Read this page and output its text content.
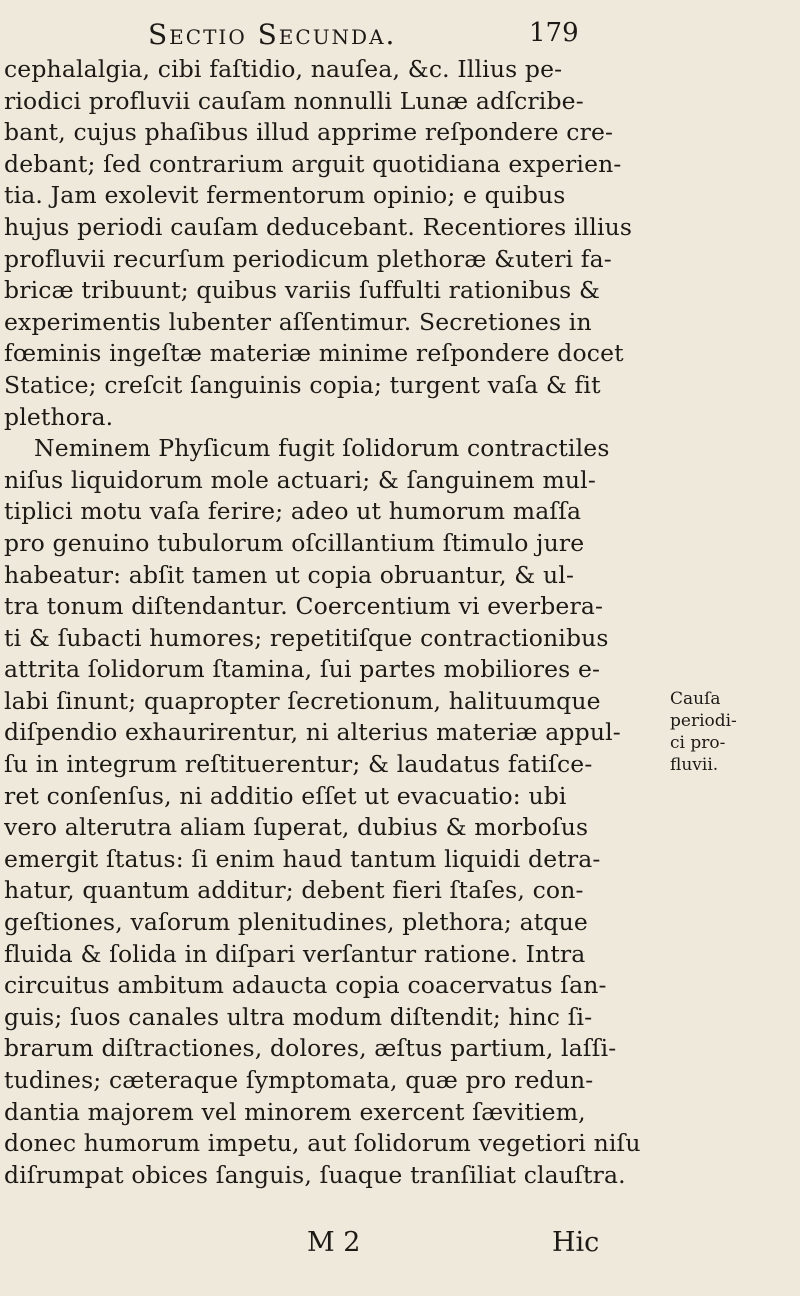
Sectio Secunda.	179
cephalalgia, cibi faſtidio, nauſea, &c. Illius pe-
riodici profluvii cauſam nonnulli Lunæ adſcribe-
bant, cujus phaſibus illud apprime reſpondere cre-
debant; ſed contrarium arguit quotidiana experien-
tia. Jam exolevit fermentorum opinio; e quibus
hujus periodi cauſam deducebant. Recentiores illius
profluvii recurſum periodicum plethoræ &uteri fa-
bricæ tribuunt; quibus variis ſuffulti rationibus &
experimentis lubenter aſſentimur. Secretiones in
fœminis ingeſtæ materiæ minime reſpondere docet
Statice; creſcit ſanguinis copia; turgent vaſa & fit
plethora.
Neminem Phyſicum fugit ſolidorum contractiles
niſus liquidorum mole actuari; & ſanguinem mul-
tiplici motu vaſa ferire; adeo ut humorum maſſa
pro genuino tubulorum oſcillantium ſtimulo jure
habeatur: abſit tamen ut copia obruantur, & ul-
tra tonum diſtendantur. Coercentium vi everbera-
ti & ſubacti humores; repetitiſque contractionibus
attrita ſolidorum ſtamina, ſui partes mobiliores e-
labi ſinunt; quapropter ſecretionum, halituumque
diſpendio exhaurirentur, ni alterius materiæ appul-
ſu in integrum reſtituerentur; & laudatus fatiſce-
ret conſenſus, ni additio eſſet ut evacuatio: ubi
vero alterutra aliam ſuperat, dubius & morboſus
emergit ſtatus: ſi enim haud tantum liquidi detra-
hatur, quantum additur; debent fieri ſtaſes, con-
geſtiones, vaſorum plenitudines, plethora; atque
fluida & ſolida in diſpari verſantur ratione. Intra
circuitus ambitum adaucta copia coacervatus ſan-
guis; ſuos canales ultra modum diſtendit; hinc ſi-
brarum diſtractiones, dolores, æſtus partium, laſſi-
tudines; cæteraque ſymptomata, quæ pro redun-
dantia majorem vel minorem exercent ſævitiem,
donec humorum impetu, aut ſolidorum vegetiori niſu
diſrumpat obices ſanguis, ſuaque tranſiliat clauſtra.
Cauſa
periodi-
ci pro-
fluvii.
M 2	Hic
